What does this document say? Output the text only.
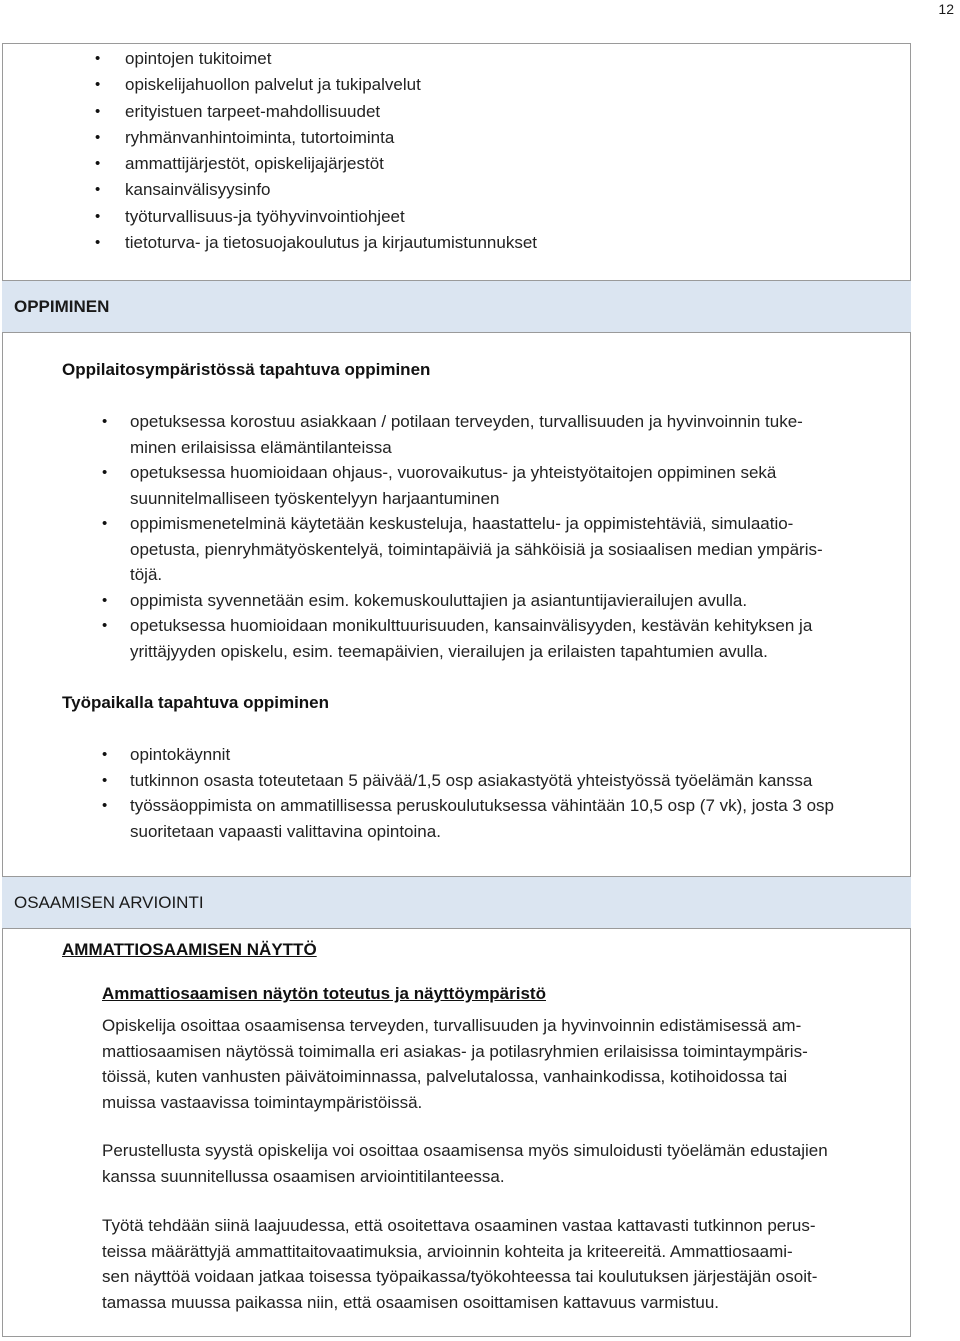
12
• opintojen tukitoimet
• opiskelijahuollon palvelut ja tukipalvelut
• erityistuen tarpeet-mahdollisuudet
• ryhmänvanhintoiminta, tutortoiminta
• ammattijärjestöt, opiskelijajärjestöt
• kansainvälisyysinfo
• työturvallisuus-ja työhyvinvointiohjeet
• tietoturva- ja tietosuojakoulutus ja kirjautumistunnukset
OPPIMINEN
Oppilaitosympäristössä tapahtuva oppiminen
• opetuksessa korostuu asiakkaan / potilaan terveyden, turvallisuuden ja hyvinvoinnin tuke-
minen erilaisissa elämäntilanteissa
• opetuksessa huomioidaan ohjaus-, vuorovaikutus- ja yhteistyötaitojen oppiminen sekä
suunnitelmalliseen työskentelyyn harjaantuminen
• oppimismenetelminä käytetään keskusteluja, haastattelu- ja oppimistehtäviä, simulaatio-
opetusta, pienryhmätyöskentelyä, toimintapäiviä ja sähköisiä ja sosiaalisen median ympäris-
töjä.
• oppimista syvennetään esim. kokemuskouluttajien ja asiantuntijavierailujen avulla.
• opetuksessa huomioidaan monikulttuurisuuden, kansainvälisyyden, kestävän kehityksen ja
yrittäjyyden opiskelu, esim. teemapäivien, vierailujen ja erilaisten tapahtumien avulla.
Työpaikalla tapahtuva oppiminen
• opintokäynnit
• tutkinnon osasta toteutetaan 5 päivää/1,5 osp asiakastyötä yhteistyössä työelämän kanssa
• työssäoppimista on ammatillisessa peruskoulutuksessa vähintään 10,5 osp (7 vk), josta 3 osp
suoritetaan vapaasti valittavina opintoina.
OSAAMISEN ARVIOINTI
AMMATTIOSAAMISEN NÄYTTÖ
Ammattiosaamisen näytön toteutus ja näyttöympäristö

Opiskelija osoittaa osaamisensa terveyden, turvallisuuden ja hyvinvoinnin edistämisessä am-
mattiosaamisen näytössä toimimalla eri asiakas- ja potilasryhmien erilaisissa toimintaympäris-
töissä, kuten vanhusten päivätoiminnassa, palvelutalossa, vanhainkodissa, kotihoidossa tai
muissa vastaavissa toimintaympäristöissä.

Perustellusta syystä opiskelija voi osoittaa osaamisensa myös simuloidusti työelämän edustajien
kanssa suunnitellussa osaamisen arviointitilanteessa.

Työtä tehdään siinä laajuudessa, että osoitettava osaaminen vastaa kattavasti tutkinnon perus-
teissa määrättyjä ammattitaitovaatimuksia, arvioinnin kohteita ja kriteereitä. Ammattiosaami-
sen näyttöä voidaan jatkaa toisessa työpaikassa/työkohteessa tai koulutuksen järjestäjän osoit-
tamassa muussa paikassa niin, että osaamisen osoittamisen kattavuus varmistuu.
